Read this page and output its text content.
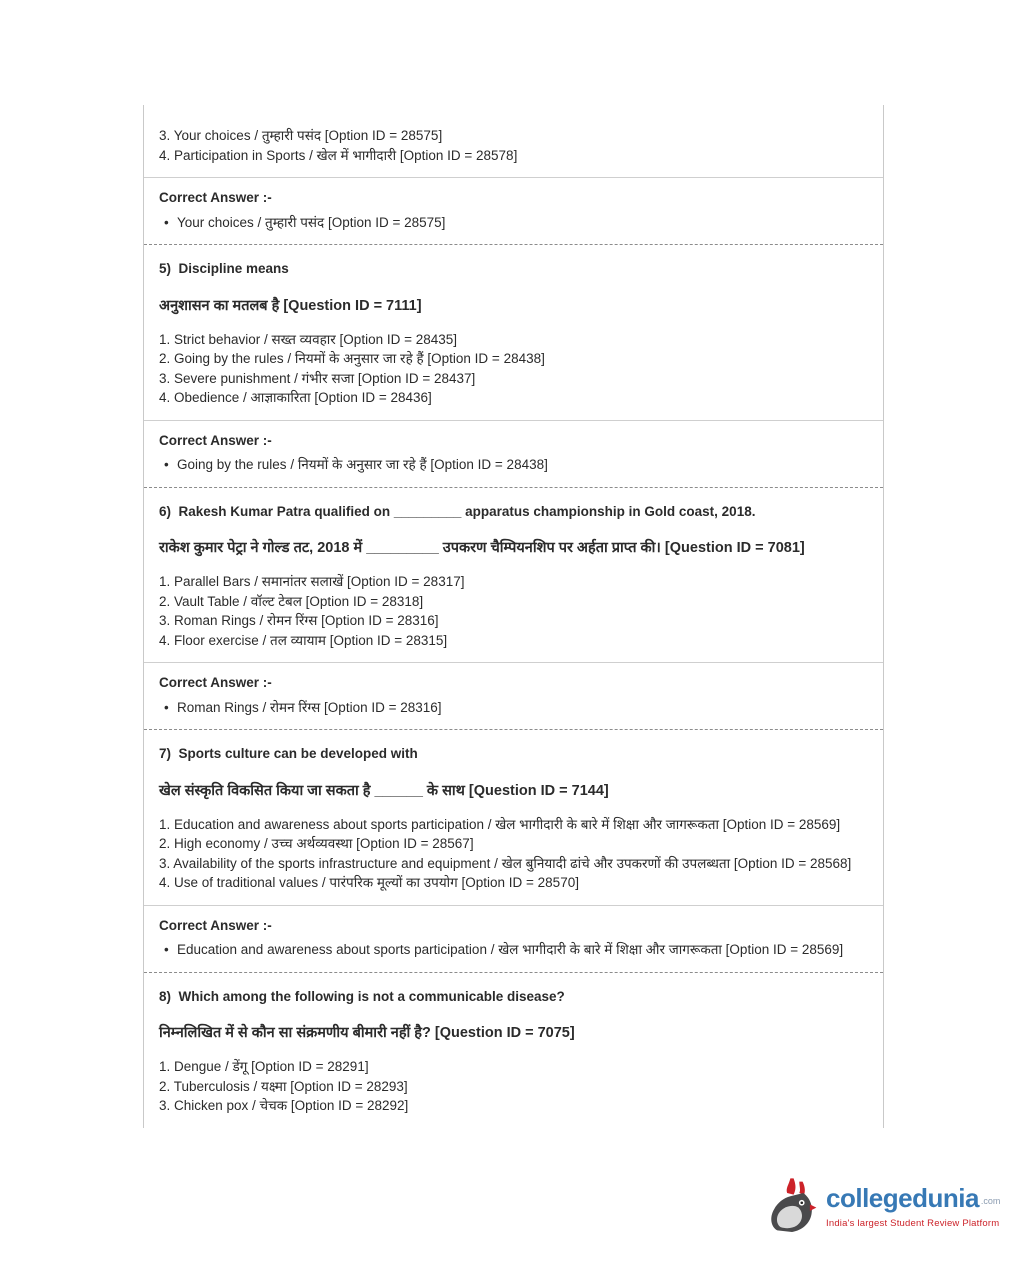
3. Your choices / तुम्हारी पसंद [Option ID = 28575]
4. Participation in Sports / खेल में भागीदारी [Option ID = 28578]
Correct Answer :-
• Your choices / तुम्हारी पसंद [Option ID = 28575]
5)  Discipline means
अनुशासन का मतलब है [Question ID = 7111]
1. Strict behavior / सख्त व्यवहार [Option ID = 28435]
2. Going by the rules / नियमों के अनुसार जा रहे हैं [Option ID = 28438]
3. Severe punishment / गंभीर सजा [Option ID = 28437]
4. Obedience / आज्ञाकारिता [Option ID = 28436]
Correct Answer :-
• Going by the rules / नियमों के अनुसार जा रहे हैं [Option ID = 28438]
6)  Rakesh Kumar Patra qualified on _________ apparatus championship in Gold coast, 2018.
राकेश कुमार पेट्रा ने गोल्ड तट, 2018 में _________ उपकरण चैम्पियनशिप पर अर्हता प्राप्त की। [Question ID = 7081]
1. Parallel Bars / समानांतर सलाखें [Option ID = 28317]
2. Vault Table / वॉल्ट टेबल [Option ID = 28318]
3. Roman Rings / रोमन रिंग्स [Option ID = 28316]
4. Floor exercise / तल व्यायाम [Option ID = 28315]
Correct Answer :-
• Roman Rings / रोमन रिंग्स [Option ID = 28316]
7)  Sports culture can be developed with
खेल संस्कृति विकसित किया जा सकता है ______ के साथ [Question ID = 7144]
1. Education and awareness about sports participation / खेल भागीदारी के बारे में शिक्षा और जागरूकता [Option ID = 28569]
2. High economy / उच्च अर्थव्यवस्था [Option ID = 28567]
3. Availability of the sports infrastructure and equipment / खेल बुनियादी ढांचे और उपकरणों की उपलब्धता [Option ID = 28568]
4. Use of traditional values / पारंपरिक मूल्यों का उपयोग [Option ID = 28570]
Correct Answer :-
• Education and awareness about sports participation / खेल भागीदारी के बारे में शिक्षा और जागरूकता [Option ID = 28569]
8)  Which among the following is not a communicable disease?
निम्नलिखित में से कौन सा संक्रमणीय बीमारी नहीं है? [Question ID = 7075]
1. Dengue / डेंगू [Option ID = 28291]
2. Tuberculosis / यक्ष्मा [Option ID = 28293]
3. Chicken pox / चेचक [Option ID = 28292]
collegedunia .com
India's largest Student Review Platform
